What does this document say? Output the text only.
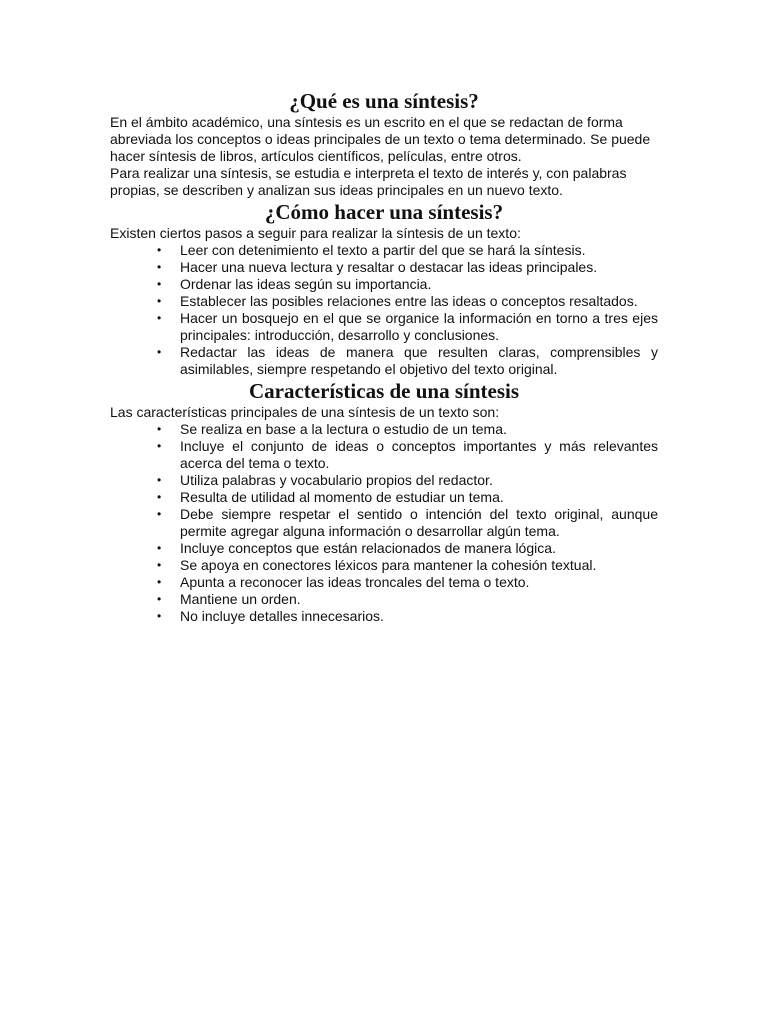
¿Qué es una síntesis?

En el ámbito académico, una síntesis es un escrito en el que se redactan de forma abreviada los conceptos o ideas principales de un texto o tema determinado. Se puede hacer síntesis de libros, artículos científicos, películas, entre otros.

Para realizar una síntesis, se estudia e interpreta el texto de interés y, con palabras propias, se describen y analizan sus ideas principales en un nuevo texto.

¿Cómo hacer una síntesis?

Existen ciertos pasos a seguir para realizar la síntesis de un texto:

• Leer con detenimiento el texto a partir del que se hará la síntesis.
• Hacer una nueva lectura y resaltar o destacar las ideas principales.
• Ordenar las ideas según su importancia.
• Establecer las posibles relaciones entre las ideas o conceptos resaltados.
• Hacer un bosquejo en el que se organice la información en torno a tres ejes principales: introducción, desarrollo y conclusiones.
• Redactar las ideas de manera que resulten claras, comprensibles y asimilables, siempre respetando el objetivo del texto original.
Características de una síntesis

Las características principales de una síntesis de un texto son:

• Se realiza en base a la lectura o estudio de un tema.
• Incluye el conjunto de ideas o conceptos importantes y más relevantes acerca del tema o texto.
• Utiliza palabras y vocabulario propios del redactor.
• Resulta de utilidad al momento de estudiar un tema.
• Debe siempre respetar el sentido o intención del texto original, aunque permite agregar alguna información o desarrollar algún tema.
• Incluye conceptos que están relacionados de manera lógica.
• Se apoya en conectores léxicos para mantener la cohesión textual.
• Apunta a reconocer las ideas troncales del tema o texto.
• Mantiene un orden.
• No incluye detalles innecesarios.
